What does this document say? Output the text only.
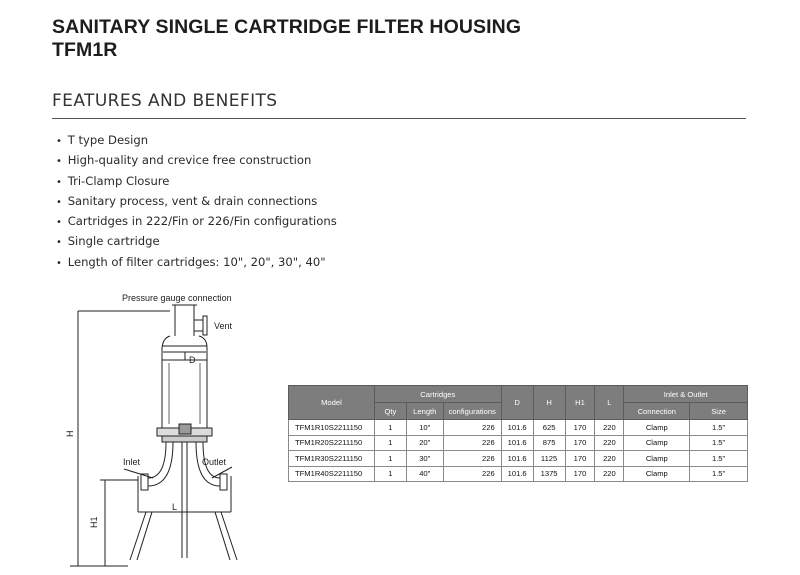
SANITARY SINGLE CARTRIDGE FILTER HOUSING
TFM1R
FEATURES AND BENEFITS
• T type Design
• High-quality and crevice free construction
• Tri-Clamp Closure
• Sanitary process, vent & drain connections
• Cartridges in 222/Fin or 226/Fin configurations
• Single cartridge
• Length of filter cartridges: 10", 20", 30", 40"
Pressure gauge connection
Vent
D
H
Inlet	Outlet
L
H1
Model	Cartridges			D	H	H1	L	Inlet & Outlet	
	Qty	Length	configurations					Connection	Size
TFM1R10S2211150	1	10"	226	101.6	625	170	220	Clamp	1.5"
TFM1R20S2211150	1	20"	226	101.6	875	170	220	Clamp	1.5"
TFM1R30S2211150	1	30"	226	101.6	1125	170	220	Clamp	1.5"
TFM1R40S2211150	1	40"	226	101.6	1375	170	220	Clamp	1.5"
